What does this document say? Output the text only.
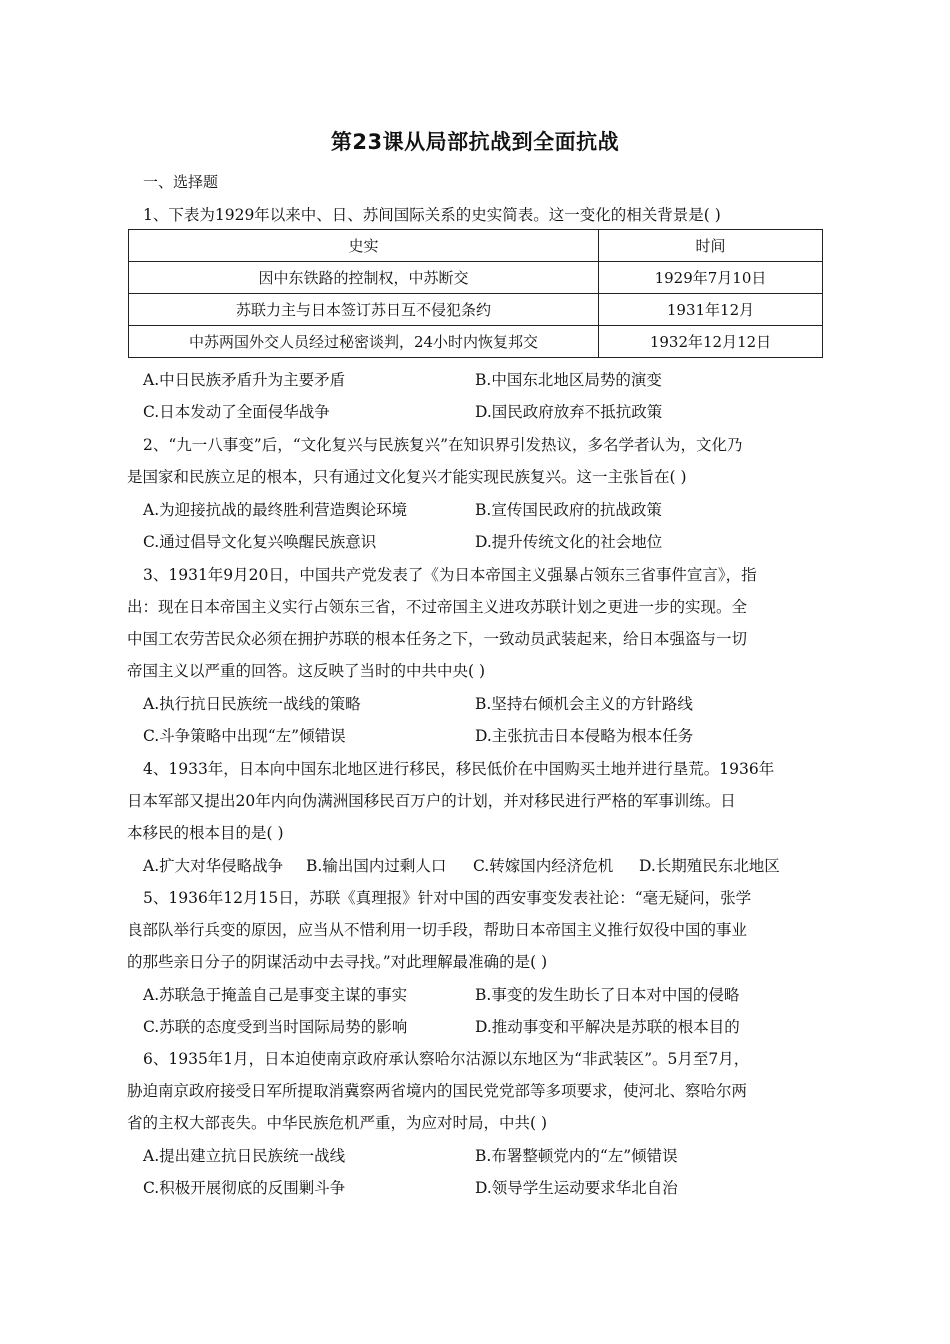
第23课从局部抗战到全面抗战
一、选择题
1、下表为1929年以来中、日、苏间国际关系的史实简表。这一变化的相关背景是( )
史实	时间
因中东铁路的控制权，中苏断交	1929年7月10日
苏联力主与日本签订苏日互不侵犯条约	1931年12月
中苏两国外交人员经过秘密谈判，24小时内恢复邦交	1932年12月12日
A.中日民族矛盾升为主要矛盾	B.中国东北地区局势的演变
C.日本发动了全面侵华战争	D.国民政府放弃不抵抗政策
2、“九一八事变”后，“文化复兴与民族复兴”在知识界引发热议，多名学者认为，文化乃
是国家和民族立足的根本，只有通过文化复兴才能实现民族复兴。这一主张旨在( )
A.为迎接抗战的最终胜利营造舆论环境	B.宣传国民政府的抗战政策
C.通过倡导文化复兴唤醒民族意识	D.提升传统文化的社会地位
3、1931年9月20日，中国共产党发表了《为日本帝国主义强暴占领东三省事件宣言》，指
出：现在日本帝国主义实行占领东三省，不过帝国主义进攻苏联计划之更进一步的实现。全
中国工农劳苦民众必须在拥护苏联的根本任务之下，一致动员武装起来，给日本强盗与一切
帝国主义以严重的回答。这反映了当时的中共中央( )
A.执行抗日民族统一战线的策略	B.坚持右倾机会主义的方针路线
C.斗争策略中出现“左”倾错误	D.主张抗击日本侵略为根本任务
4、1933年，日本向中国东北地区进行移民，移民低价在中国购买土地并进行垦荒。1936年
日本军部又提出20年内向伪满洲国移民百万户的计划，并对移民进行严格的军事训练。日
本移民的根本目的是( )
A.扩大对华侵略战争 B.输出国内过剩人口 C.转嫁国内经济危机 D.长期殖民东北地区
5、1936年12月15日，苏联《真理报》针对中国的西安事变发表社论：“毫无疑问，张学
良部队举行兵变的原因，应当从不惜利用一切手段，帮助日本帝国主义推行奴役中国的事业
的那些亲日分子的阴谋活动中去寻找。”对此理解最准确的是( )
A.苏联急于掩盖自己是事变主谋的事实	B.事变的发生助长了日本对中国的侵略
C.苏联的态度受到当时国际局势的影响	D.推动事变和平解决是苏联的根本目的
6、1935年1月，日本迫使南京政府承认察哈尔沽源以东地区为“非武装区”。5月至7月，
胁迫南京政府接受日军所提取消冀察两省境内的国民党党部等多项要求，使河北、察哈尔两
省的主权大部丧失。中华民族危机严重，为应对时局，中共( )
A.提出建立抗日民族统一战线	B.布署整顿党内的“左”倾错误
C.积极开展彻底的反围剿斗争	D.领导学生运动要求华北自治
